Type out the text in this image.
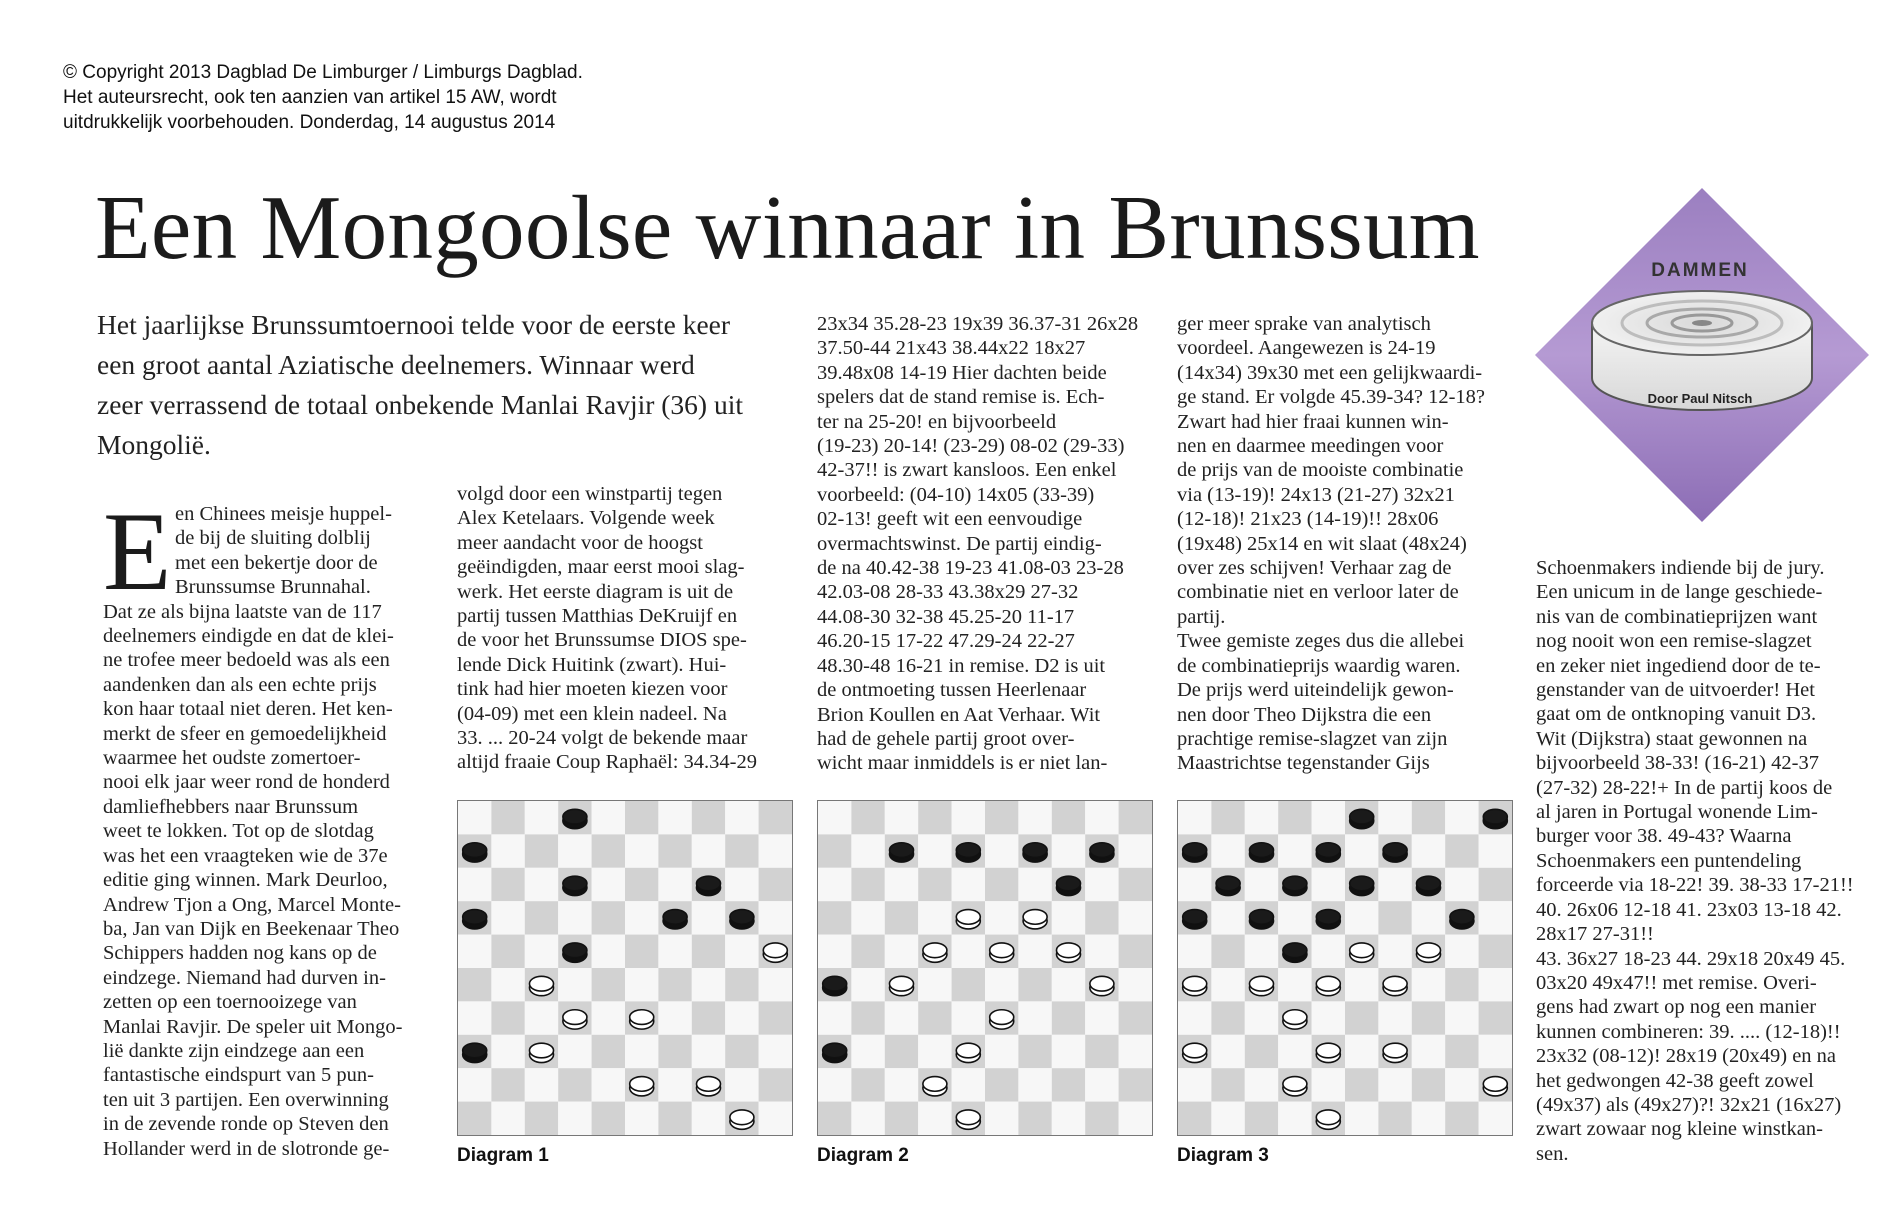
© Copyright 2013 Dagblad De Limburger / Limburgs Dagblad.
Het auteursrecht, ook ten aanzien van artikel 15 AW, wordt
uitdrukkelijk voorbehouden. Donderdag, 14 augustus 2014
Een Mongoolse winnaar in Brunssum
Het jaarlijkse Brunssumtoernooi telde voor de eerste keer
een groot aantal Aziatische deelnemers. Winnaar werd
zeer verrassend de totaal onbekende Manlai Ravjir (36) uit
Mongolië.
E en Chinees meisje huppel-
de bij de sluiting dolblij
met een bekertje door de
Brunssumse Brunnahal.
Dat ze als bijna laatste van de 117
deelnemers eindigde en dat de klei-
ne trofee meer bedoeld was als een
aandenken dan als een echte prijs
kon haar totaal niet deren. Het ken-
merkt de sfeer en gemoedelijkheid
waarmee het oudste zomertoer-
nooi elk jaar weer rond de honderd
damliefhebbers naar Brunssum
weet te lokken. Tot op de slotdag
was het een vraagteken wie de 37e
editie ging winnen. Mark Deurloo,
Andrew Tjon a Ong, Marcel Monte-
ba, Jan van Dijk en Beekenaar Theo
Schippers hadden nog kans op de
eindzege. Niemand had durven in-
zetten op een toernooizege van
Manlai Ravjir. De speler uit Mongo-
lië dankte zijn eindzege aan een
fantastische eindspurt van 5 pun-
ten uit 3 partijen. Een overwinning
in de zevende ronde op Steven den
Hollander werd in de slotronde ge-
volgd door een winstpartij tegen
Alex Ketelaars. Volgende week
meer aandacht voor de hoogst
geëindigden, maar eerst mooi slag-
werk. Het eerste diagram is uit de
partij tussen Matthias DeKruijf en
de voor het Brunssumse DIOS spe-
lende Dick Huitink (zwart). Hui-
tink had hier moeten kiezen voor
(04-09) met een klein nadeel. Na
33. ... 20-24 volgt de bekende maar
altijd fraaie Coup Raphaël: 34.34-29
23x34 35.28-23 19x39 36.37-31 26x28
37.50-44 21x43 38.44x22 18x27
39.48x08 14-19 Hier dachten beide
spelers dat de stand remise is. Ech-
ter na 25-20! en bijvoorbeeld
(19-23) 20-14! (23-29) 08-02 (29-33)
42-37!! is zwart kansloos. Een enkel
voorbeeld: (04-10) 14x05 (33-39)
02-13! geeft wit een eenvoudige
overmachtswinst. De partij eindig-
de na 40.42-38 19-23 41.08-03 23-28
42.03-08 28-33 43.38x29 27-32
44.08-30 32-38 45.25-20 11-17
46.20-15 17-22 47.29-24 22-27
48.30-48 16-21 in remise. D2 is uit
de ontmoeting tussen Heerlenaar
Brion Koullen en Aat Verhaar. Wit
had de gehele partij groot over-
wicht maar inmiddels is er niet lan-
ger meer sprake van analytisch
voordeel. Aangewezen is 24-19
(14x34) 39x30 met een gelijkwaardi-
ge stand. Er volgde 45.39-34? 12-18?
Zwart had hier fraai kunnen win-
nen en daarmee meedingen voor
de prijs van de mooiste combinatie
via (13-19)! 24x13 (21-27) 32x21
(12-18)! 21x23 (14-19)!! 28x06
(19x48) 25x14 en wit slaat (48x24)
over zes schijven! Verhaar zag de
combinatie niet en verloor later de
partij.
Twee gemiste zeges dus die allebei
de combinatieprijs waardig waren.
De prijs werd uiteindelijk gewon-
nen door Theo Dijkstra die een
prachtige remise-slagzet van zijn
Maastrichtse tegenstander Gijs
Schoenmakers indiende bij de jury.
Een unicum in de lange geschiede-
nis van de combinatieprijzen want
nog nooit won een remise-slagzet
en zeker niet ingediend door de te-
genstander van de uitvoerder! Het
gaat om de ontknoping vanuit D3.
Wit (Dijkstra) staat gewonnen na
bijvoorbeeld 38-33! (16-21) 42-37
(27-32) 28-22!+ In de partij koos de
al jaren in Portugal wonende Lim-
burger voor 38. 49-43? Waarna
Schoenmakers een puntendeling
forceerde via 18-22! 39. 38-33 17-21!!
40. 26x06 12-18 41. 23x03 13-18 42.
28x17 27-31!!
43. 36x27 18-23 44. 29x18 20x49 45.
03x20 49x47!! met remise. Overi-
gens had zwart op nog een manier
kunnen combineren: 39. .... (12-18)!!
23x32 (08-12)! 28x19 (20x49) en na
het gedwongen 42-38 geeft zowel
(49x37) als (49x27)?! 32x21 (16x27)
zwart zowaar nog kleine winstkan-
sen.
Diagram 1	Diagram 2	Diagram 3
DAMMEN
Door Paul Nitsch
